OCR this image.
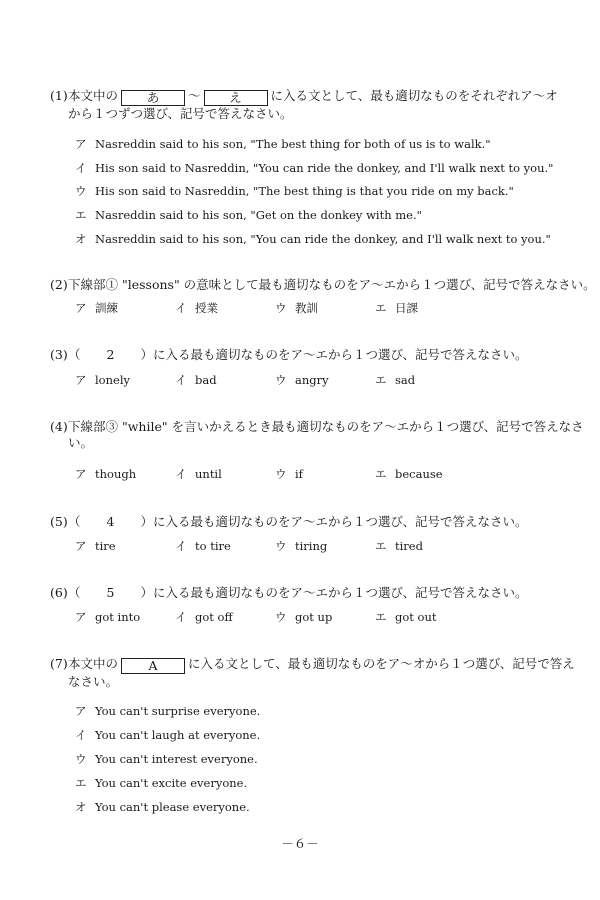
(1)本文中の あ 〜 え に入る文として、最も適切なものをそれぞれア～オ
から１つずつ選び、記号で答えなさい。
ア Nasreddin said to his son, "The best thing for both of us is to walk."
イ His son said to Nasreddin, "You can ride the donkey, and I'll walk next to you."
ウ His son said to Nasreddin, "The best thing is that you ride on my back."
エ Nasreddin said to his son, "Get on the donkey with me."
オ Nasreddin said to his son, "You can ride the donkey, and I'll walk next to you."
(2)下線部① "lessons" の意味として最も適切なものをア～エから１つ選び、記号で答えなさい。
ア 訓練	イ 授業	ウ 教訓	エ 日課
(3)（ 2 ）に入る最も適切なものをア～エから１つ選び、記号で答えなさい。
ア lonely	イ bad	ウ angry	エ sad
(4)下線部③ "while" を言いかえるとき最も適切なものをア～エから１つ選び、記号で答えなさ
い。
ア though	イ until	ウ if	エ because
(5)（ 4 ）に入る最も適切なものをア～エから１つ選び、記号で答えなさい。
ア tire	イ to tire	ウ tiring	エ tired
(6)（ 5 ）に入る最も適切なものをア～エから１つ選び、記号で答えなさい。
ア got into	イ got off	ウ got up	エ got out
(7)本文中の A に入る文として、最も適切なものをア～オから１つ選び、記号で答え
なさい。
ア You can't surprise everyone.
イ You can't laugh at everyone.
ウ You can't interest everyone.
エ You can't excite everyone.
オ You can't please everyone.
－６－
